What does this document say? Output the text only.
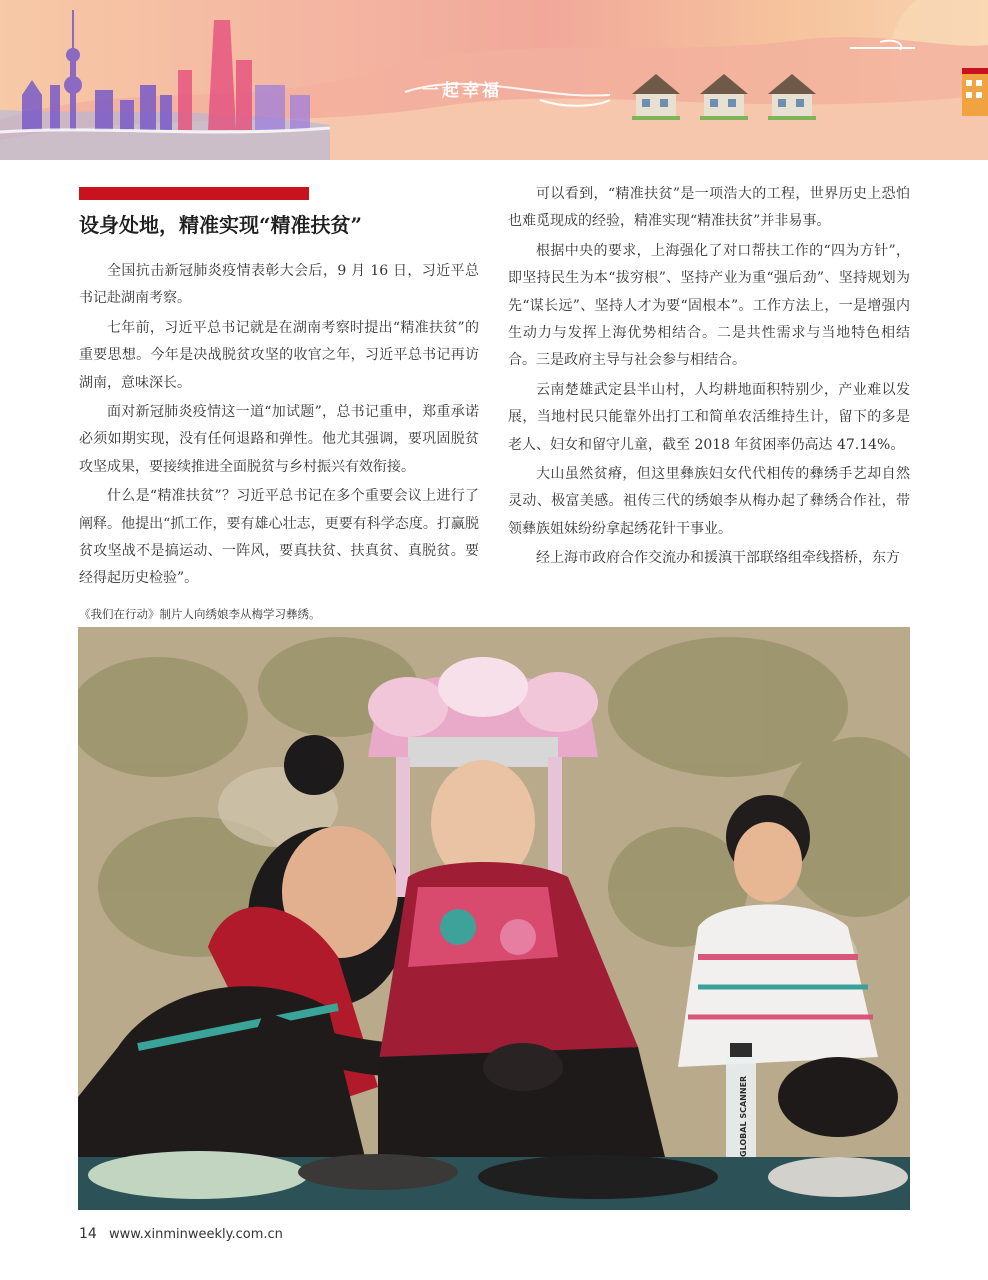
一起幸福
设身处地，精准实现“精准扶贫”

全国抗击新冠肺炎疫情表彰大会后，9 月 16 日，习近平总书记赴湖南考察。

七年前，习近平总书记就是在湖南考察时提出“精准扶贫”的重要思想。今年是决战脱贫攻坚的收官之年，习近平总书记再访湖南，意味深长。

面对新冠肺炎疫情这一道“加试题”，总书记重申，郑重承诺必须如期实现，没有任何退路和弹性。他尤其强调，要巩固脱贫攻坚成果，要接续推进全面脱贫与乡村振兴有效衔接。

什么是“精准扶贫”？习近平总书记在多个重要会议上进行了阐释。他提出“抓工作，要有雄心壮志，更要有科学态度。打赢脱贫攻坚战不是搞运动、一阵风，要真扶贫、扶真贫、真脱贫。要经得起历史检验”。

可以看到，“精准扶贫”是一项浩大的工程，世界历史上恐怕也难觅现成的经验，精准实现“精准扶贫”并非易事。

根据中央的要求，上海强化了对口帮扶工作的“四为方针”，即坚持民生为本“拔穷根”、坚持产业为重“强后劲”、坚持规划为先“谋长远”、坚持人才为要“固根本”。工作方法上，一是增强内生动力与发挥上海优势相结合。二是共性需求与当地特色相结合。三是政府主导与社会参与相结合。

云南楚雄武定县半山村，人均耕地面积特别少，产业难以发展，当地村民只能靠外出打工和简单农活维持生计，留下的多是老人、妇女和留守儿童，截至 2018 年贫困率仍高达 47.14%。

大山虽然贫瘠，但这里彝族妇女代代相传的彝绣手艺却自然灵动、极富美感。祖传三代的绣娘李从梅办起了彝绣合作社，带领彝族姐妹纷纷拿起绣花针干事业。

经上海市政府合作交流办和援滇干部联络组牵线搭桥，东方

《我们在行动》制片人向绣娘李从梅学习彝绣。
GLOBAL SCANNER
14 www.xinminweekly.com.cn
